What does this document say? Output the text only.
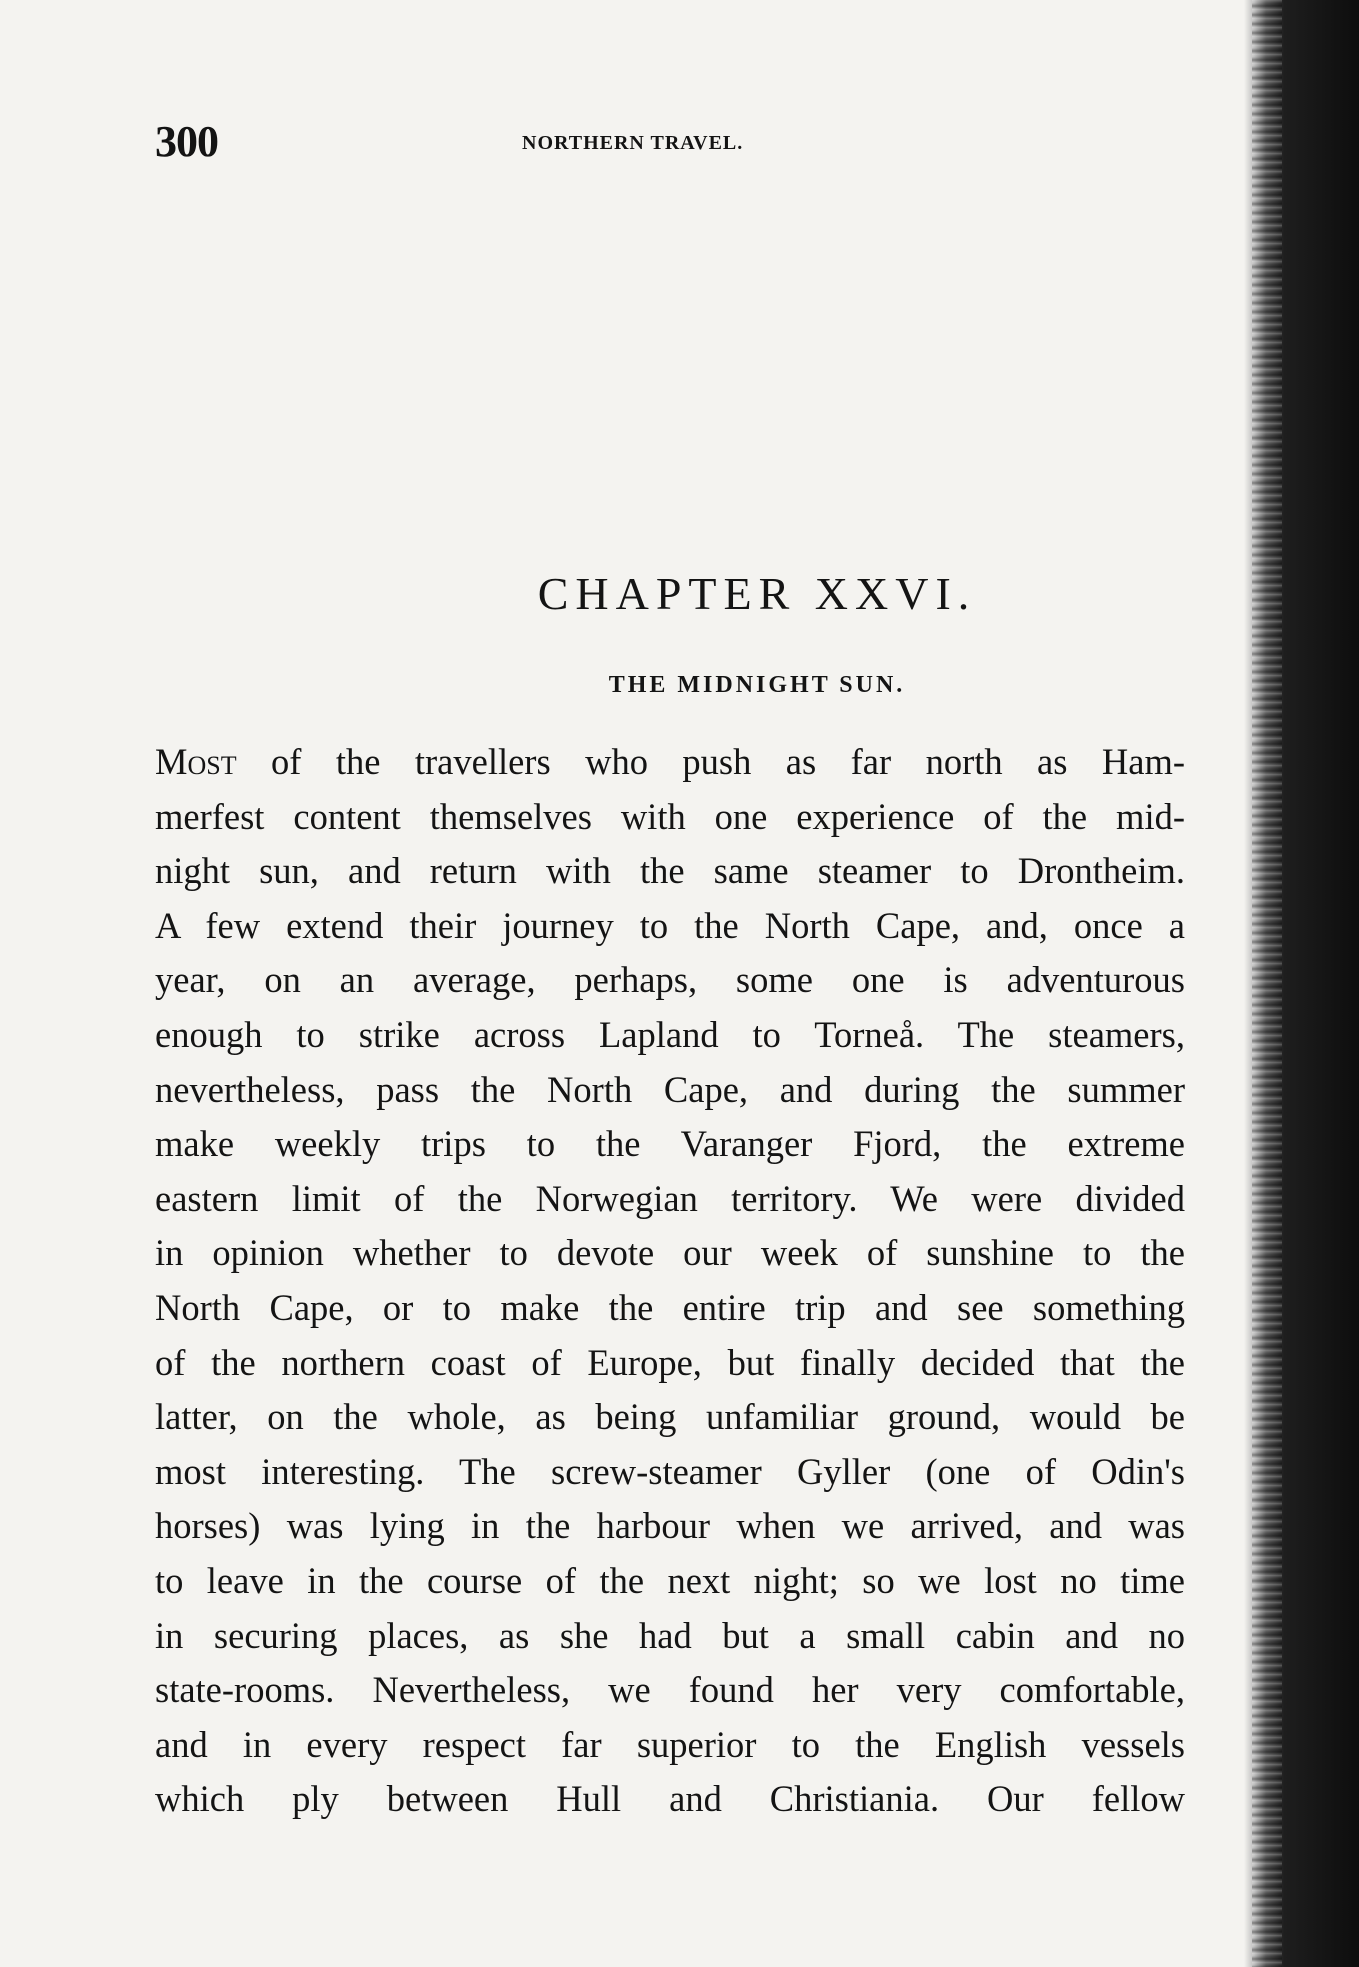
300	NORTHERN TRAVEL.
CHAPTER XXVI.
THE MIDNIGHT SUN.
Most of the travellers who push as far north as Ham-
merfest content themselves with one experience of the mid-
night sun, and return with the same steamer to Drontheim.
A few extend their journey to the North Cape, and, once a
year, on an average, perhaps, some one is adventurous
enough to strike across Lapland to Torneå. The steamers,
nevertheless, pass the North Cape, and during the summer
make weekly trips to the Varanger Fjord, the extreme
eastern limit of the Norwegian territory. We were divided
in opinion whether to devote our week of sunshine to the
North Cape, or to make the entire trip and see something
of the northern coast of Europe, but finally decided that the
latter, on the whole, as being unfamiliar ground, would be
most interesting. The screw-steamer Gyller (one of Odin's
horses) was lying in the harbour when we arrived, and was
to leave in the course of the next night; so we lost no time
in securing places, as she had but a small cabin and no
state-rooms. Nevertheless, we found her very comfortable,
and in every respect far superior to the English vessels
which ply between Hull and Christiania. Our fellow
